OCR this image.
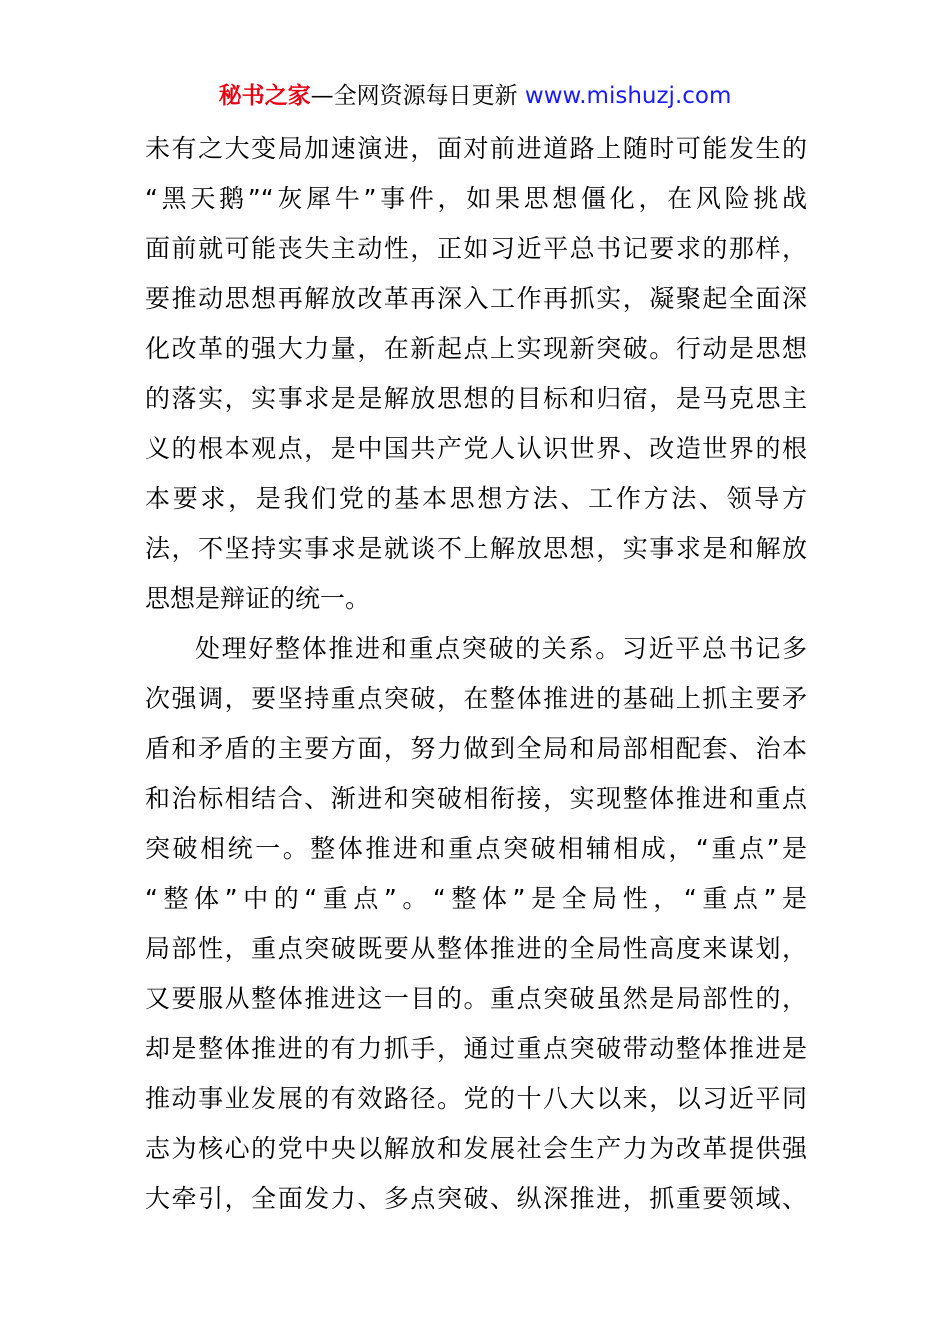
秘书之家—全网资源每日更新 www.mishuzj.com
未有之大变局加速演进，面对前进道路上随时可能发生的
“黑天鹅”“灰犀牛”事件，如果思想僵化，在风险挑战
面前就可能丧失主动性，正如习近平总书记要求的那样，
要推动思想再解放改革再深入工作再抓实，凝聚起全面深
化改革的强大力量，在新起点上实现新突破。行动是思想
的落实，实事求是是解放思想的目标和归宿，是马克思主
义的根本观点，是中国共产党人认识世界、改造世界的根
本要求，是我们党的基本思想方法、工作方法、领导方
法，不坚持实事求是就谈不上解放思想，实事求是和解放
思想是辩证的统一。
处理好整体推进和重点突破的关系。习近平总书记多
次强调，要坚持重点突破，在整体推进的基础上抓主要矛
盾和矛盾的主要方面，努力做到全局和局部相配套、治本
和治标相结合、渐进和突破相衔接，实现整体推进和重点
突破相统一。整体推进和重点突破相辅相成，“重点”是
“整体”中的“重点”。“整体”是全局性，“重点”是
局部性，重点突破既要从整体推进的全局性高度来谋划，
又要服从整体推进这一目的。重点突破虽然是局部性的，
却是整体推进的有力抓手，通过重点突破带动整体推进是
推动事业发展的有效路径。党的十八大以来，以习近平同
志为核心的党中央以解放和发展社会生产力为改革提供强
大牵引，全面发力、多点突破、纵深推进，抓重要领域、
